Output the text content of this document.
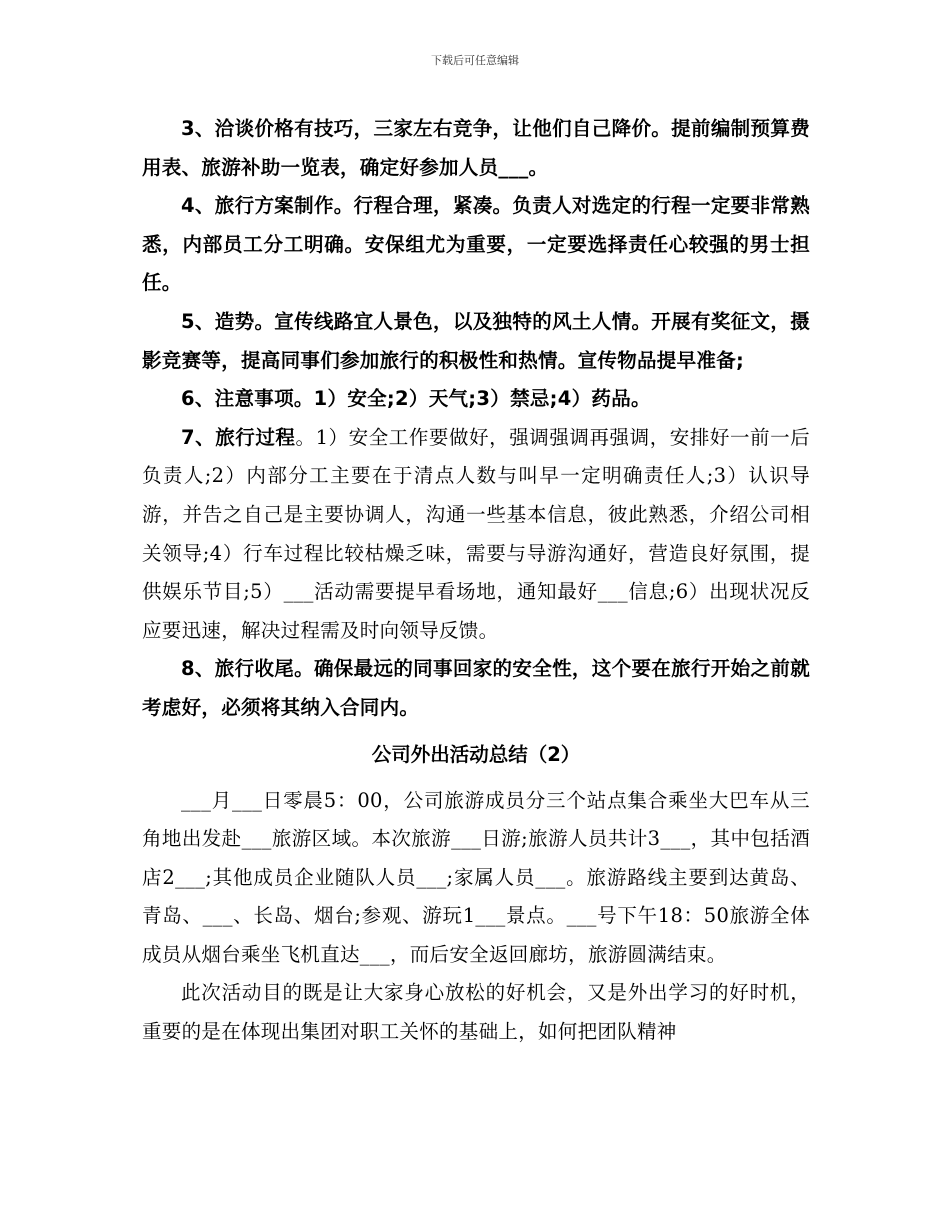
下载后可任意编辑

3、洽谈价格有技巧，三家左右竞争，让他们自己降价。提前编制预算费用表、旅游补助一览表，确定好参加人员___。

4、旅行方案制作。行程合理，紧凑。负责人对选定的行程一定要非常熟悉，内部员工分工明确。安保组尤为重要，一定要选择责任心较强的男士担任。

5、造势。宣传线路宜人景色，以及独特的风土人情。开展有奖征文，摄影竞赛等，提高同事们参加旅行的积极性和热情。宣传物品提早准备;

6、注意事项。1）安全;2）天气;3）禁忌;4）药品。

7、旅行过程。1）安全工作要做好，强调强调再强调，安排好一前一后负责人;2）内部分工主要在于清点人数与叫早一定明确责任人;3）认识导游，并告之自己是主要协调人，沟通一些基本信息，彼此熟悉，介绍公司相关领导;4）行车过程比较枯燥乏味，需要与导游沟通好，营造良好氛围，提供娱乐节目;5）___活动需要提早看场地，通知最好___信息;6）出现状况反应要迅速，解决过程需及时向领导反馈。

8、旅行收尾。确保最远的同事回家的安全性，这个要在旅行开始之前就考虑好，必须将其纳入合同内。

公司外出活动总结（2）

___月___日零晨5：00，公司旅游成员分三个站点集合乘坐大巴车从三角地出发赴___旅游区域。本次旅游___日游;旅游人员共计3___，其中包括酒店2___;其他成员企业随队人员___;家属人员___。旅游路线主要到达黄岛、青岛、___、长岛、烟台;参观、游玩1___景点。___号下午18：50旅游全体成员从烟台乘坐飞机直达___，而后安全返回廊坊，旅游圆满结束。

此次活动目的既是让大家身心放松的好机会，又是外出学习的好时机，重要的是在体现出集团对职工关怀的基础上，如何把团队精神
